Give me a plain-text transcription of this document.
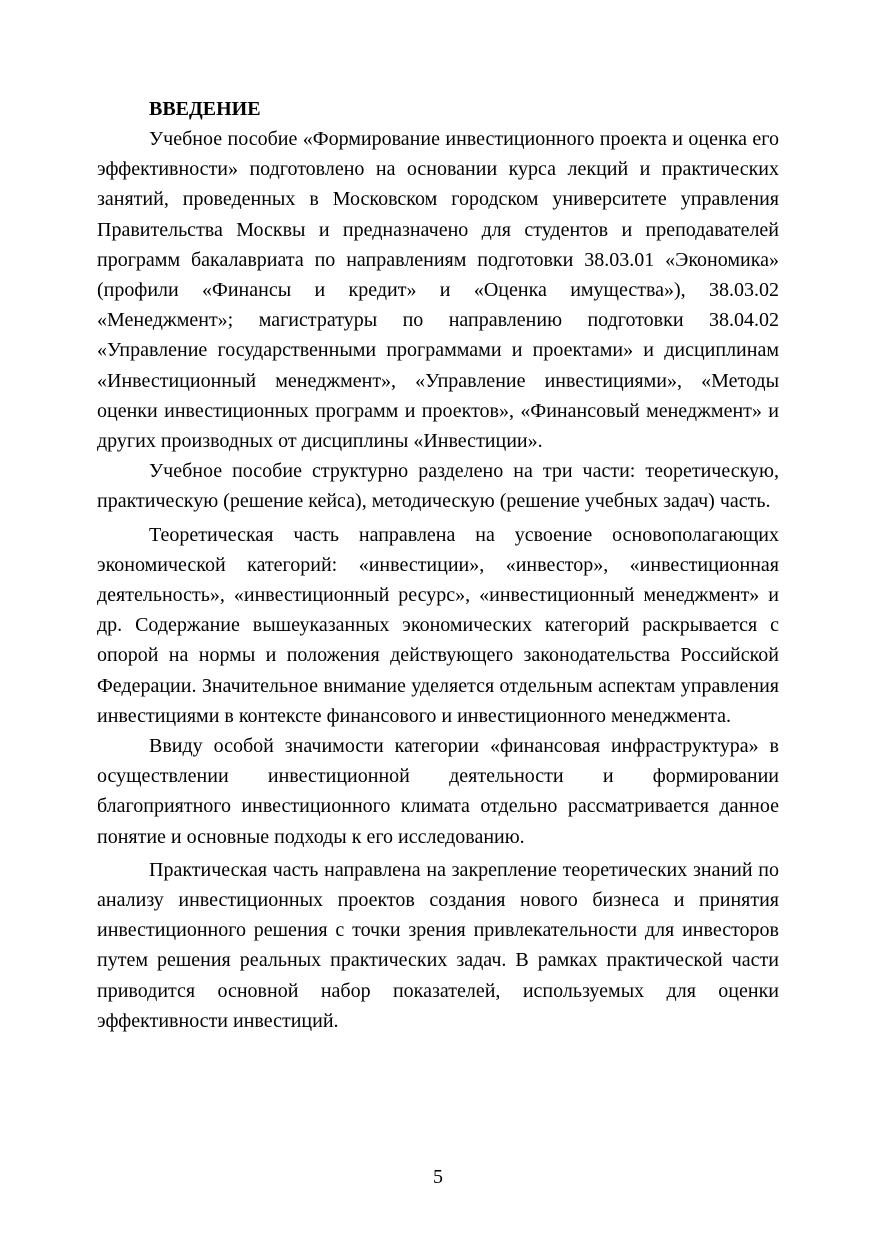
ВВЕДЕНИЕ

Учебное пособие «Формирование инвестиционного проекта и оценка его эффективности» подготовлено на основании курса лекций и практических занятий, проведенных в Московском городском университете управления Правительства Москвы и предназначено для студентов и преподавателей программ бакалавриата по направлениям подготовки 38.03.01 «Экономика» (профили «Финансы и кредит» и «Оценка имущества»), 38.03.02 «Менеджмент»; магистратуры по направлению подготовки 38.04.02 «Управление государственными программами и проектами» и дисциплинам «Инвестиционный менеджмент», «Управление инвестициями», «Методы оценки инвестиционных программ и проектов», «Финансовый менеджмент» и других производных от дисциплины «Инвестиции».

Учебное пособие структурно разделено на три части: теоретическую, практическую (решение кейса), методическую (решение учебных задач) часть.

Теоретическая часть направлена на усвоение основополагающих экономической категорий: «инвестиции», «инвестор», «инвестиционная деятельность», «инвестиционный ресурс», «инвестиционный менеджмент» и др. Содержание вышеуказанных экономических категорий раскрывается с опорой на нормы и положения действующего законодательства Российской Федерации. Значительное внимание уделяется отдельным аспектам управления инвестициями в контексте финансового и инвестиционного менеджмента.

Ввиду особой значимости категории «финансовая инфраструктура» в осуществлении инвестиционной деятельности и формировании благоприятного инвестиционного климата отдельно рассматривается данное понятие и основные подходы к его исследованию.

Практическая часть направлена на закрепление теоретических знаний по анализу инвестиционных проектов создания нового бизнеса и принятия инвестиционного решения с точки зрения привлекательности для инвесторов путем решения реальных практических задач. В рамках практической части приводится основной набор показателей, используемых для оценки эффективности инвестиций.

5
